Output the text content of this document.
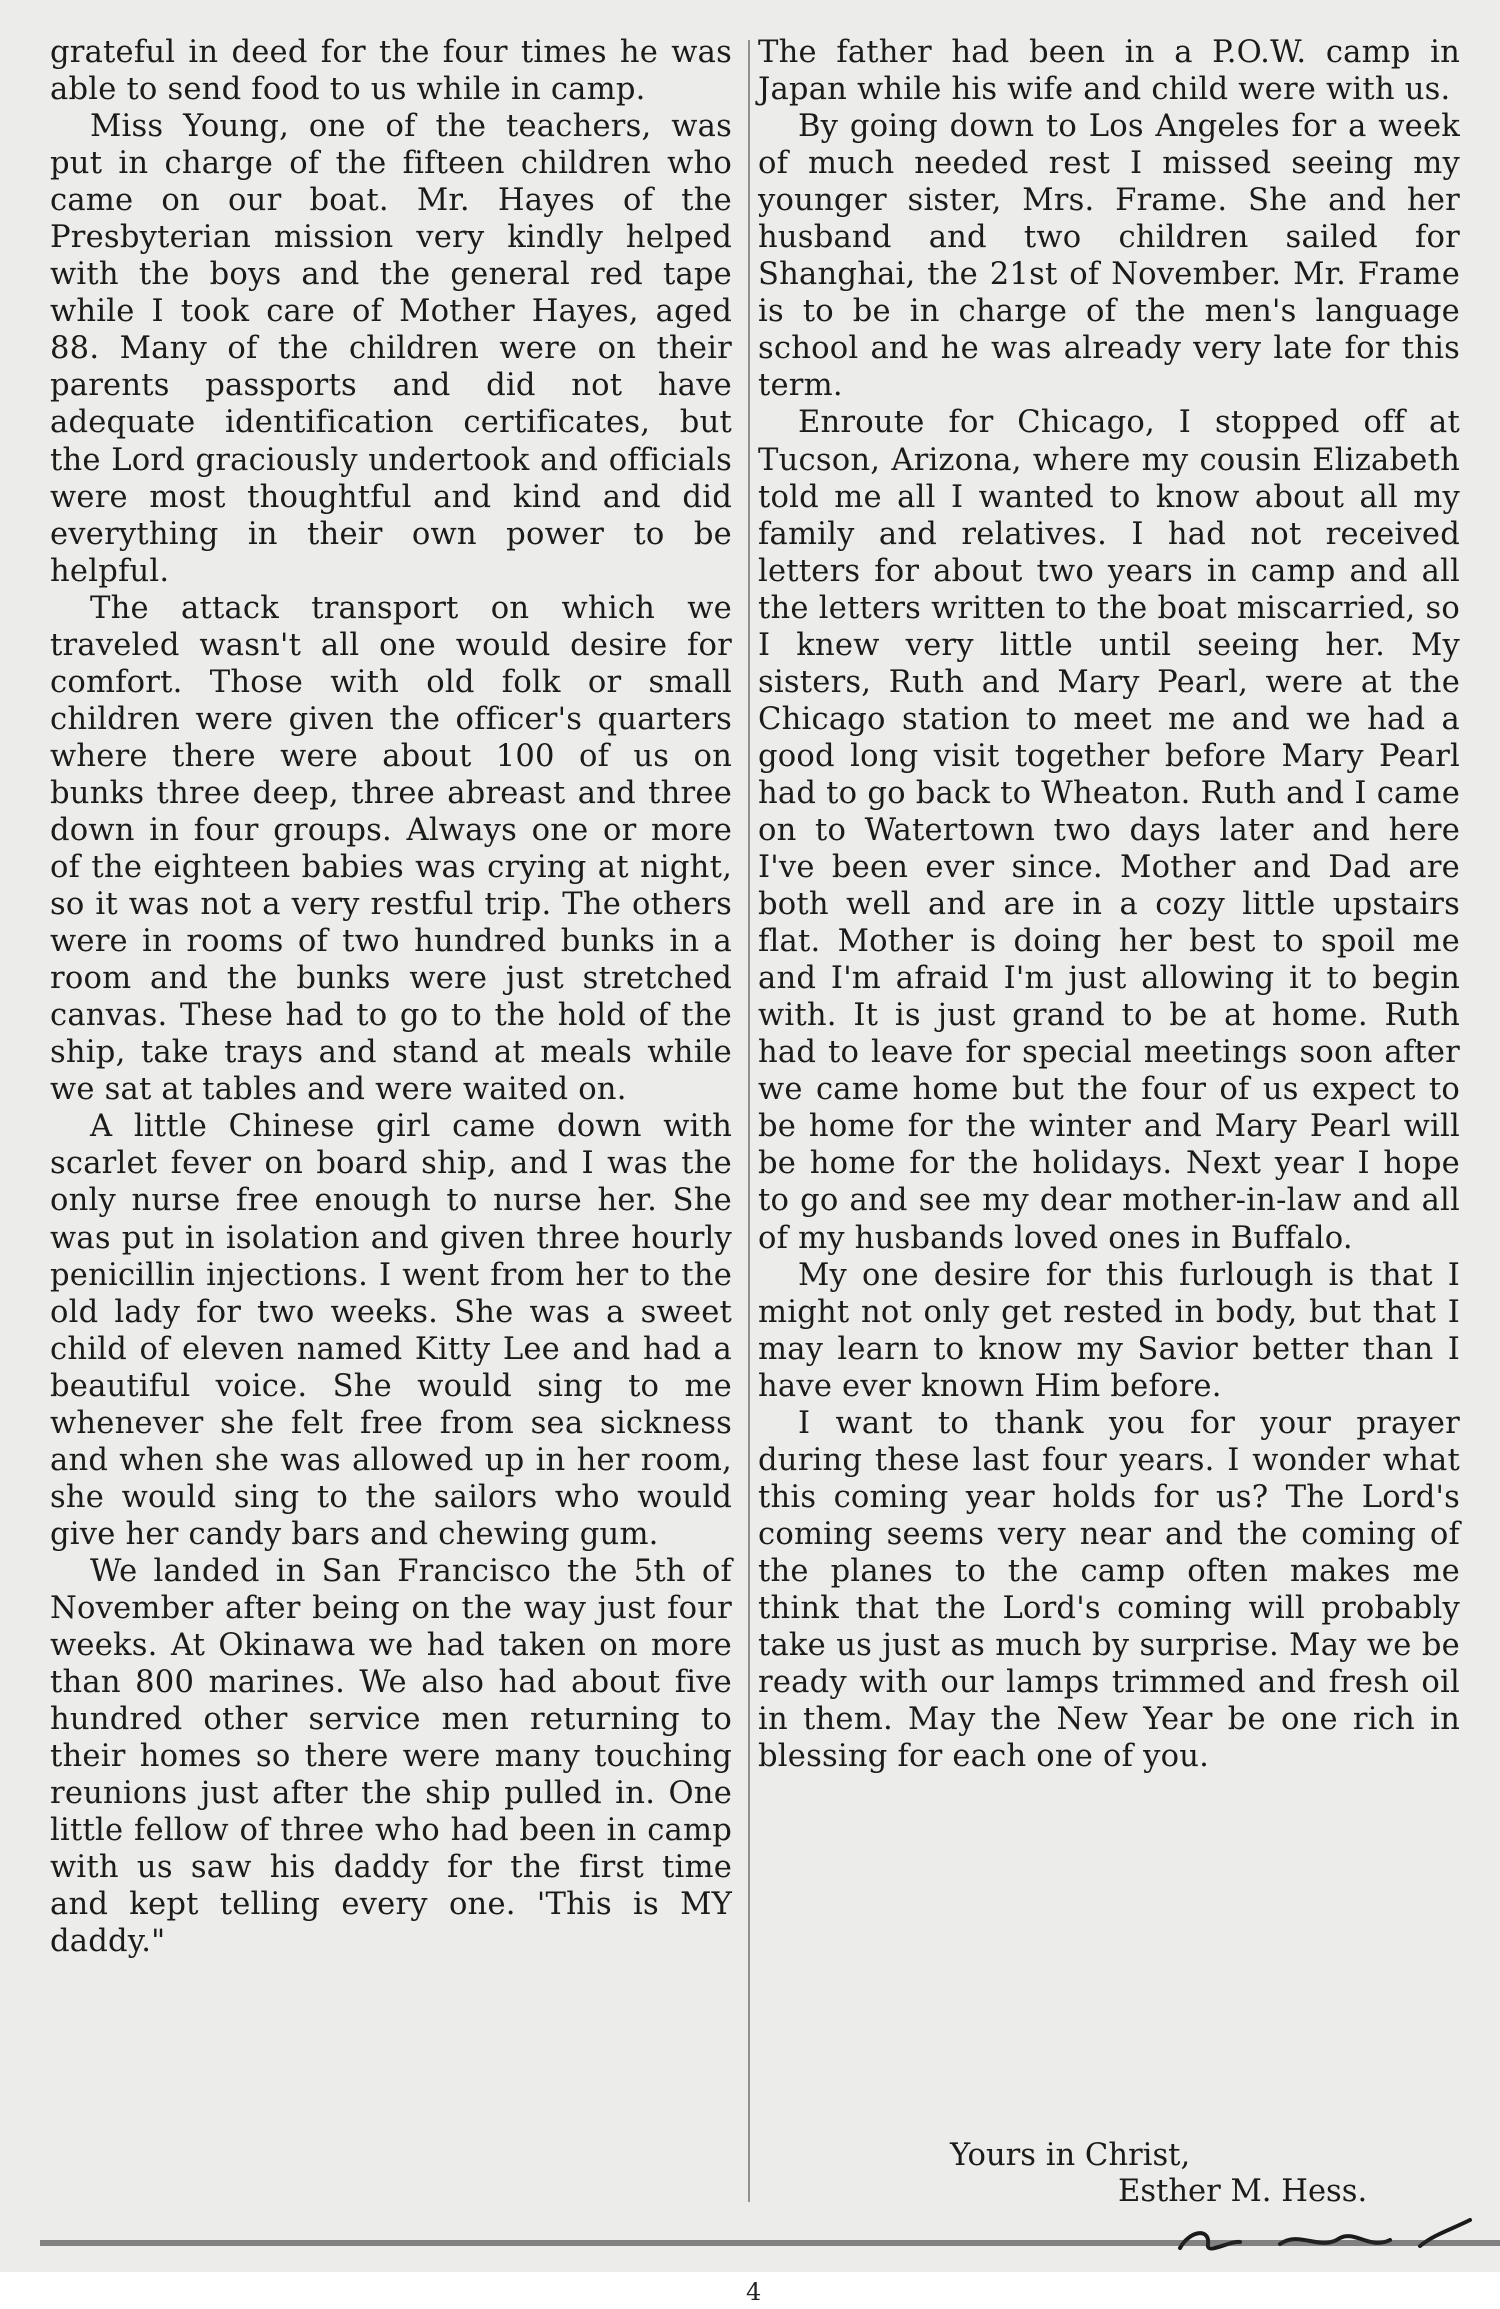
grateful in deed for the four times he was able to send food to us while in camp.

Miss Young, one of the teachers, was put in charge of the fifteen children who came on our boat. Mr. Hayes of the Presbyterian mission very kindly helped with the boys and the general red tape while I took care of Mother Hayes, aged 88. Many of the children were on their parents passports and did not have adequate identification certificates, but the Lord graciously undertook and officials were most thoughtful and kind and did everything in their own power to be helpful.

The attack transport on which we traveled wasn't all one would desire for comfort. Those with old folk or small children were given the officer's quarters where there were about 100 of us on bunks three deep, three abreast and three down in four groups. Always one or more of the eighteen babies was crying at night, so it was not a very restful trip. The others were in rooms of two hundred bunks in a room and the bunks were just stretched canvas. These had to go to the hold of the ship, take trays and stand at meals while we sat at tables and were waited on.

A little Chinese girl came down with scarlet fever on board ship, and I was the only nurse free enough to nurse her. She was put in isolation and given three hourly penicillin injections. I went from her to the old lady for two weeks. She was a sweet child of eleven named Kitty Lee and had a beautiful voice. She would sing to me whenever she felt free from sea sickness and when she was allowed up in her room, she would sing to the sailors who would give her candy bars and chewing gum.

We landed in San Francisco the 5th of November after being on the way just four weeks. At Okinawa we had taken on more than 800 marines. We also had about five hundred other service men returning to their homes so there were many touching reunions just after the ship pulled in. One little fellow of three who had been in camp with us saw his daddy for the first time and kept telling every one. 'This is MY daddy."

The father had been in a P.O.W. camp in Japan while his wife and child were with us.

By going down to Los Angeles for a week of much needed rest I missed seeing my younger sister, Mrs. Frame. She and her husband and two children sailed for Shanghai, the 21st of November. Mr. Frame is to be in charge of the men's language school and he was already very late for this term.

Enroute for Chicago, I stopped off at Tucson, Arizona, where my cousin Elizabeth told me all I wanted to know about all my family and relatives. I had not received letters for about two years in camp and all the letters written to the boat miscarried, so I knew very little until seeing her. My sisters, Ruth and Mary Pearl, were at the Chicago station to meet me and we had a good long visit together before Mary Pearl had to go back to Wheaton. Ruth and I came on to Watertown two days later and here I've been ever since. Mother and Dad are both well and are in a cozy little upstairs flat. Mother is doing her best to spoil me and I'm afraid I'm just allowing it to begin with. It is just grand to be at home. Ruth had to leave for special meetings soon after we came home but the four of us expect to be home for the winter and Mary Pearl will be home for the holidays. Next year I hope to go and see my dear mother-in-law and all of my husbands loved ones in Buffalo.

My one desire for this furlough is that I might not only get rested in body, but that I may learn to know my Savior better than I have ever known Him before.

I want to thank you for your prayer during these last four years. I wonder what this coming year holds for us? The Lord's coming seems very near and the coming of the planes to the camp often makes me think that the Lord's coming will probably take us just as much by surprise. May we be ready with our lamps trimmed and fresh oil in them. May the New Year be one rich in blessing for each one of you.

Yours in Christ,
Esther M. Hess.
4
